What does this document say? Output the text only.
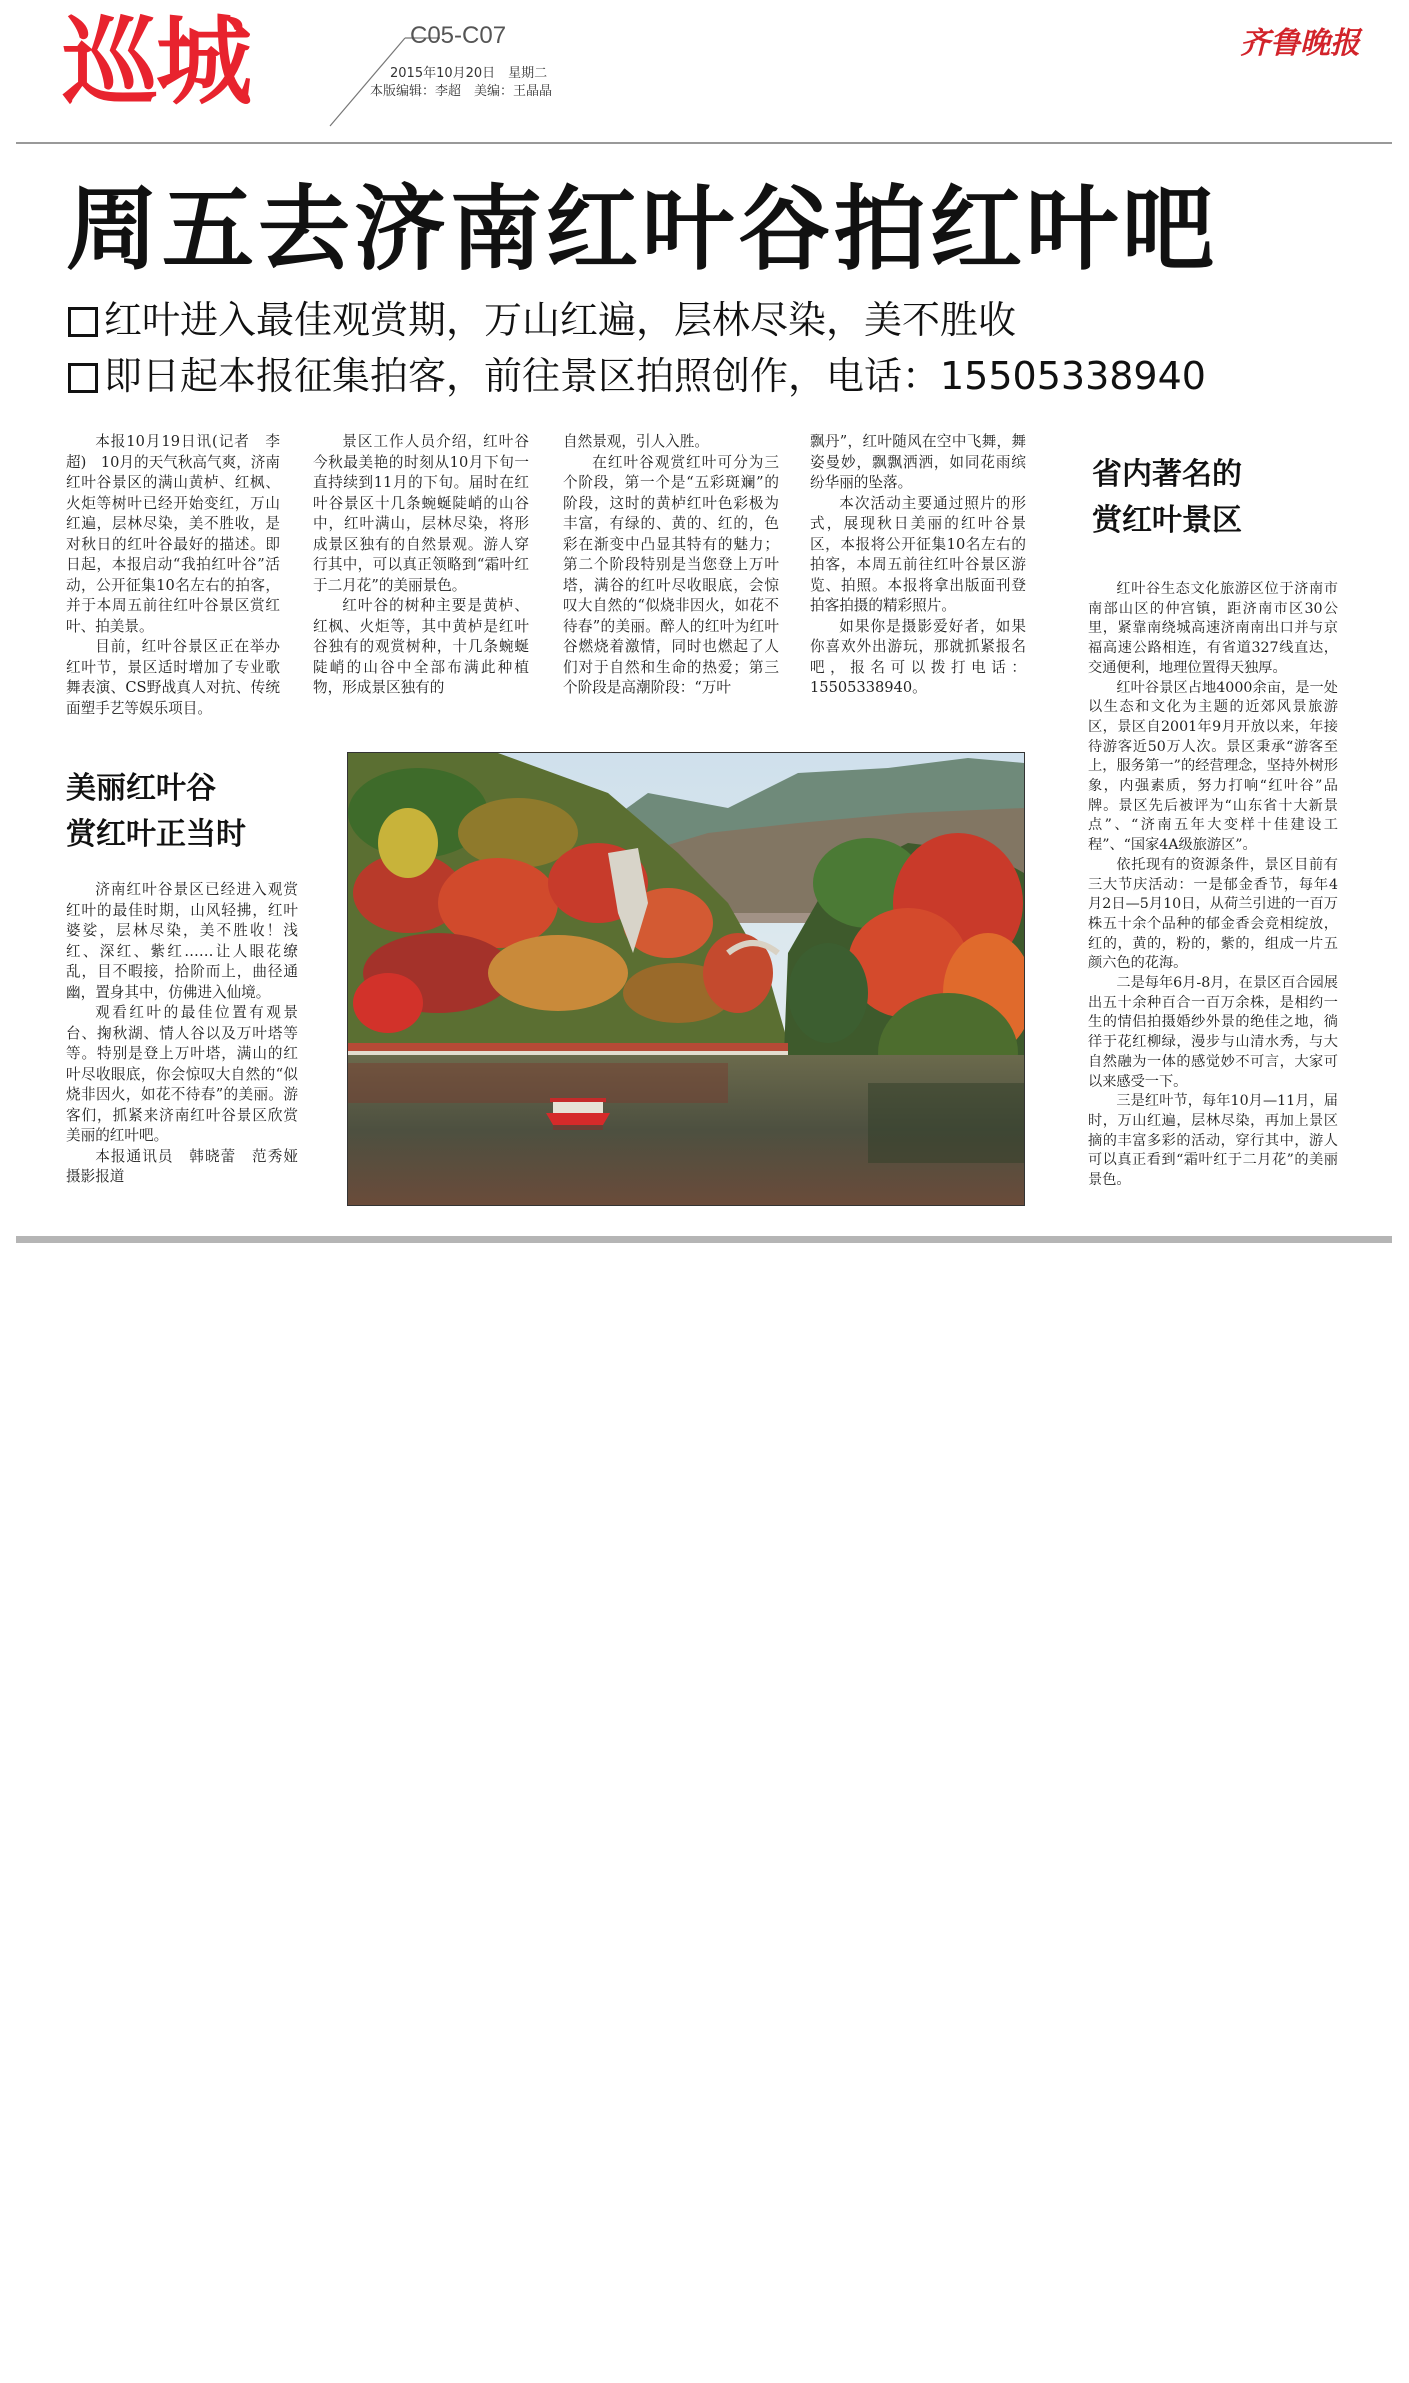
巡城	C05-C07
2015年10月20日　星期二
本版编辑：李超　美编：王晶晶
齐鲁晚报
周五去济南红叶谷拍红叶吧
红叶进入最佳观赏期，万山红遍，层林尽染，美不胜收
即日起本报征集拍客，前往景区拍照创作，电话：15505338940

本报10月19日讯(记者　李超)　10月的天气秋高气爽，济南红叶谷景区的满山黄栌、红枫、火炬等树叶已经开始变红，万山红遍，层林尽染，美不胜收，是对秋日的红叶谷最好的描述。即日起，本报启动“我拍红叶谷”活动，公开征集10名左右的拍客，并于本周五前往红叶谷景区赏红叶、拍美景。

目前，红叶谷景区正在举办红叶节，景区适时增加了专业歌舞表演、CS野战真人对抗、传统面塑手艺等娱乐项目。

景区工作人员介绍，红叶谷今秋最美艳的时刻从10月下旬一直持续到11月的下旬。届时在红叶谷景区十几条蜿蜒陡峭的山谷中，红叶满山，层林尽染，将形成景区独有的自然景观。游人穿行其中，可以真正领略到“霜叶红于二月花”的美丽景色。

红叶谷的树种主要是黄栌、红枫、火炬等，其中黄栌是红叶谷独有的观赏树种，十几条蜿蜒陡峭的山谷中全部布满此种植物，形成景区独有的

自然景观，引人入胜。

在红叶谷观赏红叶可分为三个阶段，第一个是“五彩斑斓”的阶段，这时的黄栌红叶色彩极为丰富，有绿的、黄的、红的，色彩在渐变中凸显其特有的魅力；第二个阶段特别是当您登上万叶塔，满谷的红叶尽收眼底，会惊叹大自然的“似烧非因火，如花不待春”的美丽。醉人的红叶为红叶谷燃烧着激情，同时也燃起了人们对于自然和生命的热爱；第三个阶段是高潮阶段：“万叶

飘丹”，红叶随风在空中飞舞，舞姿曼妙，飘飘洒洒，如同花雨缤纷华丽的坠落。

本次活动主要通过照片的形式，展现秋日美丽的红叶谷景区，本报将公开征集10名左右的拍客，本周五前往红叶谷景区游览、拍照。本报将拿出版面刊登拍客拍摄的精彩照片。

如果你是摄影爱好者，如果你喜欢外出游玩，那就抓紧报名吧，报名可以拨打电话：15505338940。

省内著名的
赏红叶景区

红叶谷生态文化旅游区位于济南市南部山区的仲宫镇，距济南市区30公里，紧靠南绕城高速济南南出口并与京福高速公路相连，有省道327线直达，交通便利，地理位置得天独厚。

红叶谷景区占地4000余亩，是一处以生态和文化为主题的近郊风景旅游区，景区自2001年9月开放以来，年接待游客近50万人次。景区秉承“游客至上，服务第一”的经营理念，坚持外树形象，内强素质，努力打响“红叶谷”品牌。景区先后被评为“山东省十大新景点”、“济南五年大变样十佳建设工程”、“国家4A级旅游区”。

依托现有的资源条件，景区目前有三大节庆活动：一是郁金香节，每年4月2日—5月10日，从荷兰引进的一百万株五十余个品种的郁金香会竞相绽放，红的，黄的，粉的，紫的，组成一片五颜六色的花海。

二是每年6月-8月，在景区百合园展出五十余种百合一百万余株，是相约一生的情侣拍摄婚纱外景的绝佳之地，徜徉于花红柳绿，漫步与山清水秀，与大自然融为一体的感觉妙不可言，大家可以来感受一下。

三是红叶节，每年10月—11月，届时，万山红遍，层林尽染，再加上景区摘的丰富多彩的活动，穿行其中，游人可以真正看到“霜叶红于二月花”的美丽景色。

美丽红叶谷
赏红叶正当时

济南红叶谷景区已经进入观赏红叶的最佳时期，山风轻拂，红叶婆娑，层林尽染，美不胜收！浅红、深红、紫红……让人眼花缭乱，目不暇接，拾阶而上，曲径通幽，置身其中，仿佛进入仙境。

观看红叶的最佳位置有观景台、掬秋湖、情人谷以及万叶塔等等。特别是登上万叶塔，满山的红叶尽收眼底，你会惊叹大自然的“似烧非因火，如花不待春”的美丽。游客们，抓紧来济南红叶谷景区欣赏美丽的红叶吧。

本报通讯员　韩晓蕾　范秀娅　摄影报道
